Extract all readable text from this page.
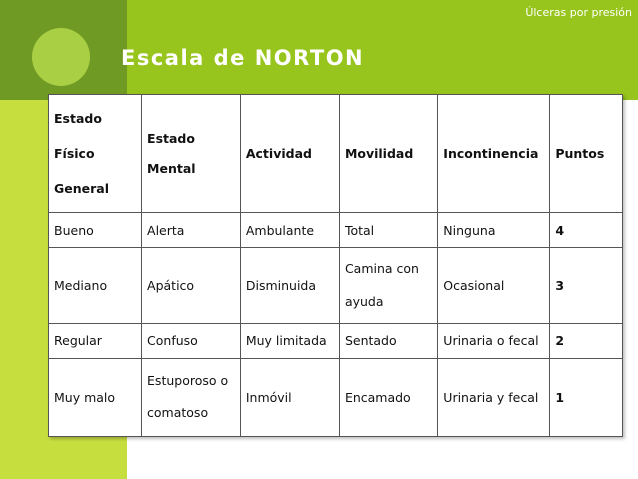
Úlceras por presión
Escala de NORTON
Estado Físico General	Estado Mental	Actividad	Movilidad	Incontinencia	Puntos
Bueno	Alerta	Ambulante	Total	Ninguna	4
Mediano	Apático	Disminuida	Camina con ayuda	Ocasional	3
Regular	Confuso	Muy limitada	Sentado	Urinaria o fecal	2
Muy malo	Estuporoso o comatoso	Inmóvil	Encamado	Urinaria y fecal	1
